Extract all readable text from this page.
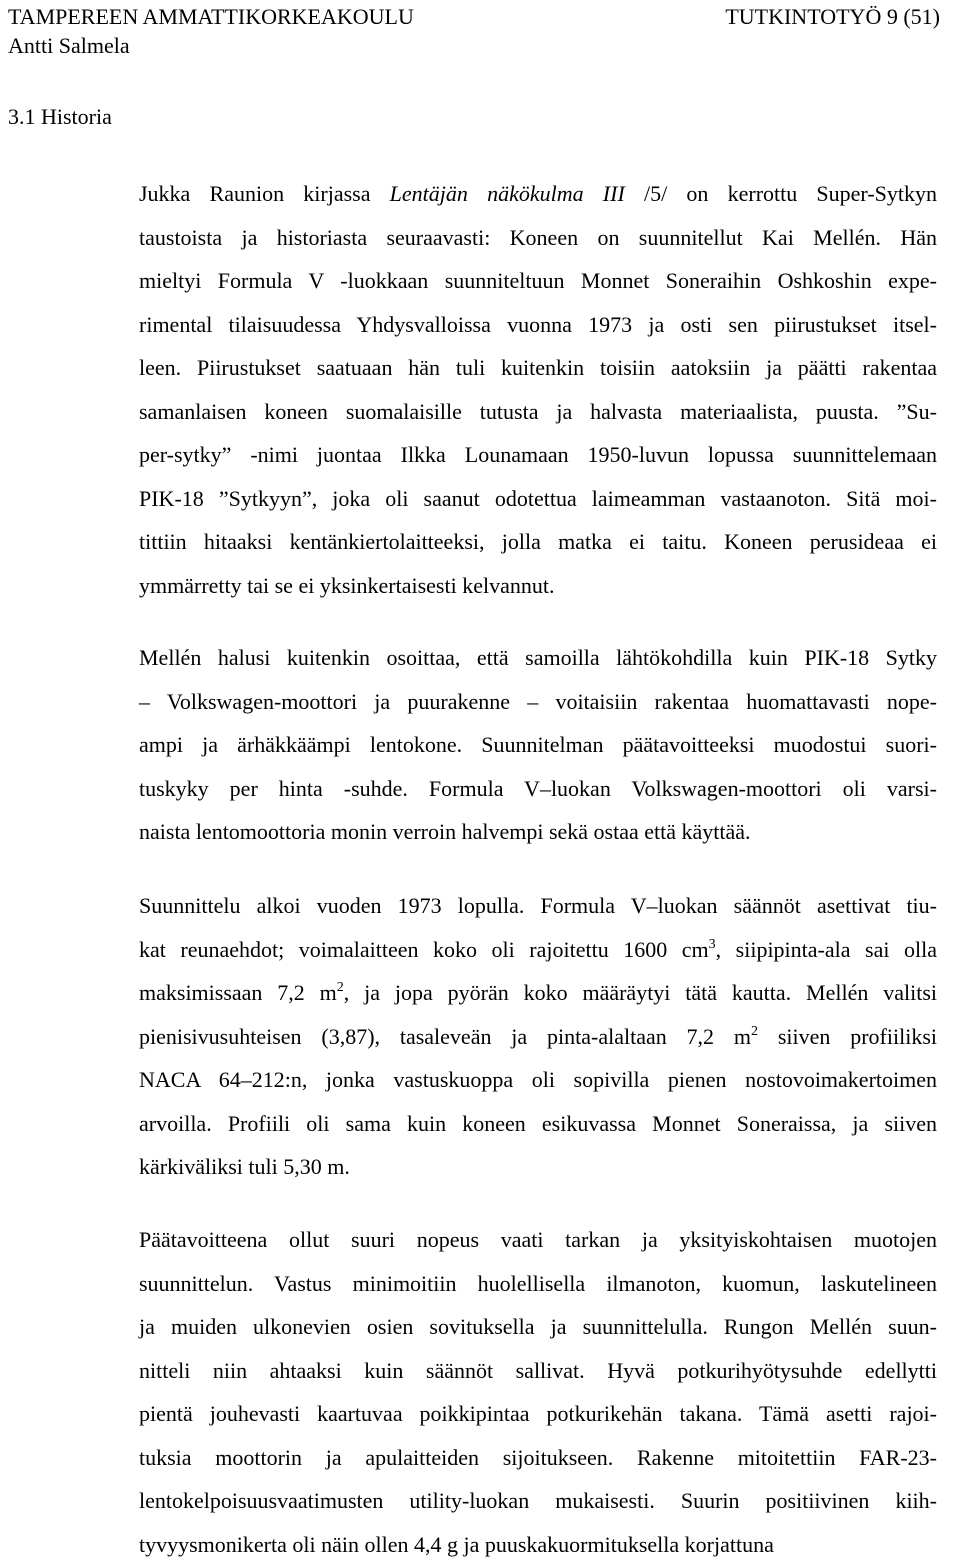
TAMPEREEN AMMATTIKORKEAKOULU	TUTKINTOTYÖ 9 (51)
Antti Salmela
3.1 Historia
Jukka Raunion kirjassa Lentäjän näkökulma III /5/ on kerrottu Super-Sytkyn
taustoista ja historiasta seuraavasti: Koneen on suunnitellut Kai Mellén. Hän
mieltyi Formula V -luokkaan suunniteltuun Monnet Soneraihin Oshkoshin expe-
rimental tilaisuudessa Yhdysvalloissa vuonna 1973 ja osti sen piirustukset itsel-
leen. Piirustukset saatuaan hän tuli kuitenkin toisiin aatoksiin ja päätti rakentaa
samanlaisen koneen suomalaisille tutusta ja halvasta materiaalista, puusta. ”Su-
per-sytky” -nimi juontaa Ilkka Lounamaan 1950-luvun lopussa suunnittelemaan
PIK-18 ”Sytkyyn”, joka oli saanut odotettua laimeamman vastaanoton. Sitä moi-
tittiin hitaaksi kentänkiertolaitteeksi, jolla matka ei taitu. Koneen perusideaa ei
ymmärretty tai se ei yksinkertaisesti kelvannut.
Mellén halusi kuitenkin osoittaa, että samoilla lähtökohdilla kuin PIK-18 Sytky
– Volkswagen-moottori ja puurakenne – voitaisiin rakentaa huomattavasti nope-
ampi ja ärhäkkäämpi lentokone. Suunnitelman päätavoitteeksi muodostui suori-
tuskyky per hinta -suhde. Formula V–luokan Volkswagen-moottori oli varsi-
naista lentomoottoria monin verroin halvempi sekä ostaa että käyttää.
Suunnittelu alkoi vuoden 1973 lopulla. Formula V–luokan säännöt asettivat tiu-
kat reunaehdot; voimalaitteen koko oli rajoitettu 1600 $cm^3$, siipipinta-ala sai olla
maksimissaan 7,2 $m^2$, ja jopa pyörän koko määräytyi tätä kautta. Mellén valitsi
pienisivusuhteisen (3,87), tasaleveän ja pinta-alaltaan 7,2 $m^2$ siiven profiiliksi
NACA 64–212:n, jonka vastuskuoppa oli sopivilla pienen nostovoimakertoimen
arvoilla. Profiili oli sama kuin koneen esikuvassa Monnet Soneraissa, ja siiven
kärkiväliksi tuli 5,30 m.
Päätavoitteena ollut suuri nopeus vaati tarkan ja yksityiskohtaisen muotojen
suunnittelun. Vastus minimoitiin huolellisella ilmanoton, kuomun, laskutelineen
ja muiden ulkonevien osien sovituksella ja suunnittelulla. Rungon Mellén suun-
nitteli niin ahtaaksi kuin säännöt sallivat. Hyvä potkurihyötysuhde edellytti
pientä jouhevasti kaartuvaa poikkipintaa potkurikehän takana. Tämä asetti rajoi-
tuksia moottorin ja apulaitteiden sijoitukseen. Rakenne mitoitettiin FAR-23-
lentokelpoisuusvaatimusten utility-luokan mukaisesti. Suurin positiivinen kiih-
tyvyysmonikerta oli näin ollen 4,4 g ja puuskakuormituksella korjattuna
